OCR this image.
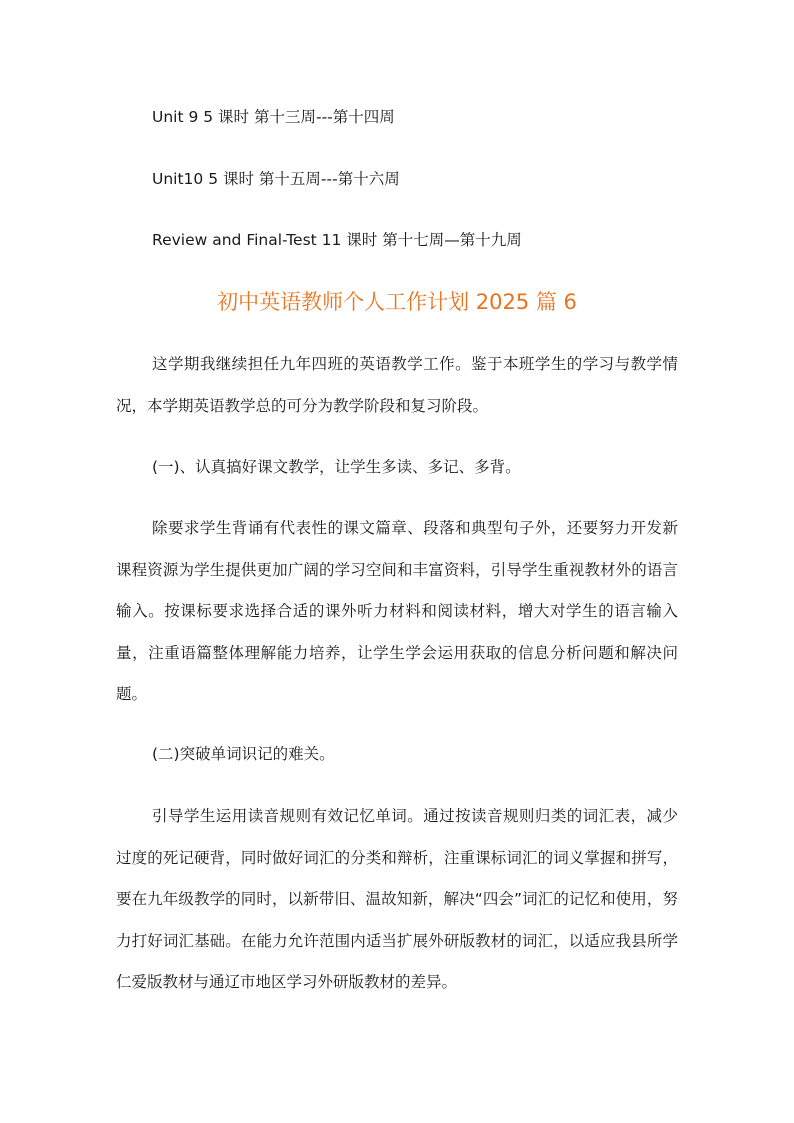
Unit 9 5 课时 第十三周---第十四周
Unit10 5 课时 第十五周---第十六周
Review and Final-Test 11 课时 第十七周—第十九周
初中英语教师个人工作计划 2025 篇 6

这学期我继续担任九年四班的英语教学工作。鉴于本班学生的学习与教学情况，本学期英语教学总的可分为教学阶段和复习阶段。

(一)、认真搞好课文教学，让学生多读、多记、多背。

除要求学生背诵有代表性的课文篇章、段落和典型句子外，还要努力开发新课程资源为学生提供更加广阔的学习空间和丰富资料，引导学生重视教材外的语言输入。按课标要求选择合适的课外听力材料和阅读材料，增大对学生的语言输入量，注重语篇整体理解能力培养，让学生学会运用获取的信息分析问题和解决问题。

(二)突破单词识记的难关。

引导学生运用读音规则有效记忆单词。通过按读音规则归类的词汇表，减少过度的死记硬背，同时做好词汇的分类和辩析，注重课标词汇的词义掌握和拼写，要在九年级教学的同时，以新带旧、温故知新，解决“四会”词汇的记忆和使用，努力打好词汇基础。在能力允许范围内适当扩展外研版教材的词汇，以适应我县所学仁爱版教材与通辽市地区学习外研版教材的差异。
